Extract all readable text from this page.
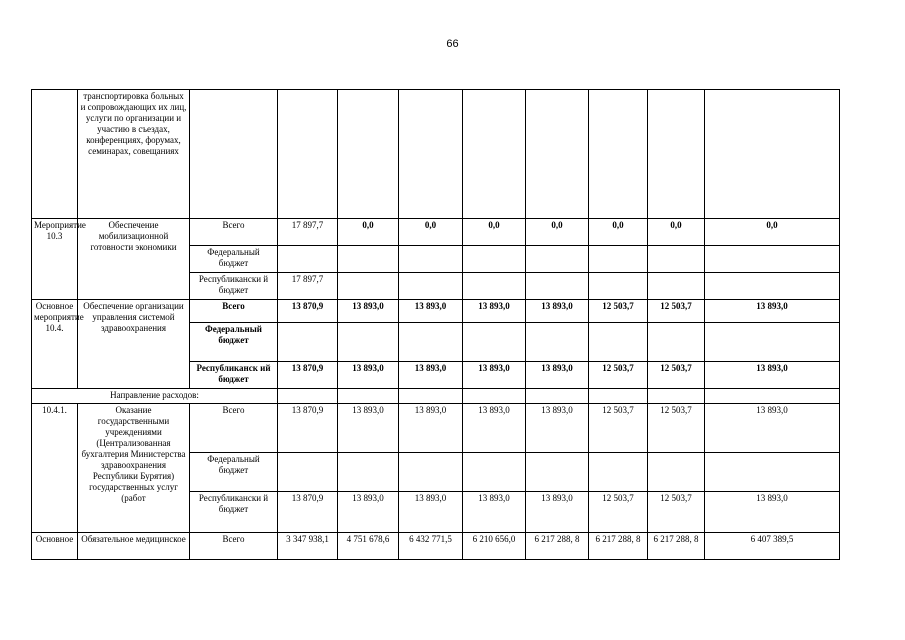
66
	транспортировка больных и сопровождающих их лиц, услуги по организации и участию в съездах, конференциях, форумах, семинарах, совещаниях									
Мероприятие 10.3	Обеспечение мобилизационной готовности экономики	Всего	17 897,7	0,0	0,0	0,0	0,0	0,0	0,0	0,0
		Федеральный бюджет								
		Республикански й бюджет	17 897,7							
Основное мероприятие 10.4.	Обеспечение организации управления системой здравоохранения	Всего	13 870,9	13 893,0	13 893,0	13 893,0	13 893,0	12 503,7	12 503,7	13 893,0
		Федеральный бюджет								
		Республиканск ий бюджет	13 870,9	13 893,0	13 893,0	13 893,0	13 893,0	12 503,7	12 503,7	13 893,0
Направление расходов:										
10.4.1.	Оказание государственными учреждениями (Централизованная бухгалтерия Министерства здравоохранения Республики Бурятия) государственных услуг (работ	Всего	13 870,9	13 893,0	13 893,0	13 893,0	13 893,0	12 503,7	12 503,7	13 893,0
		Федеральный бюджет								
		Республикански й бюджет	13 870,9	13 893,0	13 893,0	13 893,0	13 893,0	12 503,7	12 503,7	13 893,0
Основное	Обязательное медицинское	Всего	3 347 938,1	4 751 678,6	6 432 771,5	6 210 656,0	6 217 288, 8	6 217 288, 8	6 217 288, 8	6 407 389,5
